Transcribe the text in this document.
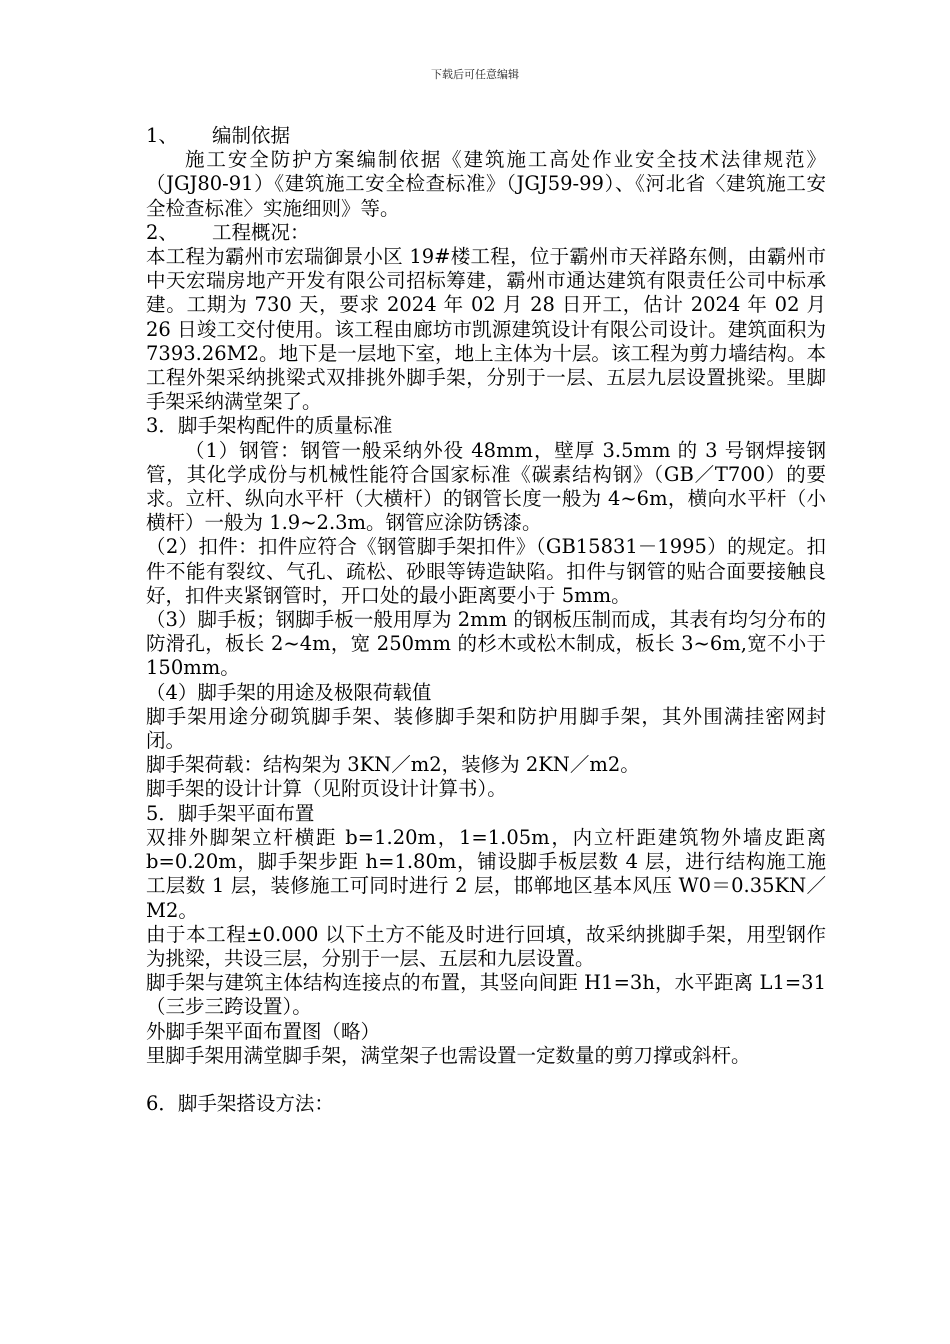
下载后可任意编辑

1、 编制依据

施工安全防护方案编制依据《建筑施工高处作业安全技术法律规范》（JGJ80-91）《建筑施工安全检查标准》（JGJ59-99）、《河北省〈建筑施工安全检查标准〉实施细则》等。

2、 工程概况：

本工程为霸州市宏瑞御景小区 19#楼工程，位于霸州市天祥路东侧，由霸州市中天宏瑞房地产开发有限公司招标筹建，霸州市通达建筑有限责任公司中标承建。工期为 730 天，要求 2024 年 02 月 28 日开工，估计 2024 年 02 月 26 日竣工交付使用。该工程由廊坊市凯源建筑设计有限公司设计。建筑面积为 7393.26M2。地下是一层地下室，地上主体为十层。该工程为剪力墙结构。本工程外架采纳挑梁式双排挑外脚手架，分别于一层、五层九层设置挑梁。里脚手架采纳满堂架了。

3．脚手架构配件的质量标准

（1）钢管：钢管一般采纳外役 48mm，壁厚 3.5mm 的 3 号钢焊接钢管，其化学成份与机械性能符合国家标准《碳素结构钢》（GB／T700）的要求。立杆、纵向水平杆（大横杆）的钢管长度一般为 4~6m，横向水平杆（小横杆）一般为 1.9~2.3m。钢管应涂防锈漆。

（2）扣件：扣件应符合《钢管脚手架扣件》（GB15831－1995）的规定。扣件不能有裂纹、气孔、疏松、砂眼等铸造缺陷。扣件与钢管的贴合面要接触良好，扣件夹紧钢管时，开口处的最小距离要小于 5mm。

（3）脚手板；钢脚手板一般用厚为 2mm 的钢板压制而成，其表有均匀分布的防滑孔，板长 2~4m，宽 250mm 的杉木或松木制成，板长 3~6m,宽不小于 150mm。

（4）脚手架的用途及极限荷载值

脚手架用途分砌筑脚手架、装修脚手架和防护用脚手架，其外围满挂密网封闭。

脚手架荷载：结构架为 3KN／m2，装修为 2KN／m2。

脚手架的设计计算（见附页设计计算书）。

5．脚手架平面布置

双排外脚架立杆横距 b=1.20m，1=1.05m，内立杆距建筑物外墙皮距离 b=0.20m，脚手架步距 h=1.80m，铺设脚手板层数 4 层，进行结构施工施工层数 1 层，装修施工可同时进行 2 层，邯郸地区基本风压 W0＝0.35KN／M2。

由于本工程±0.000 以下土方不能及时进行回填，故采纳挑脚手架，用型钢作为挑梁，共设三层，分别于一层、五层和九层设置。

脚手架与建筑主体结构连接点的布置，其竖向间距 H1=3h，水平距离 L1=31（三步三跨设置）。

外脚手架平面布置图（略）

里脚手架用满堂脚手架，满堂架子也需设置一定数量的剪刀撑或斜杆。

6．脚手架搭设方法：
